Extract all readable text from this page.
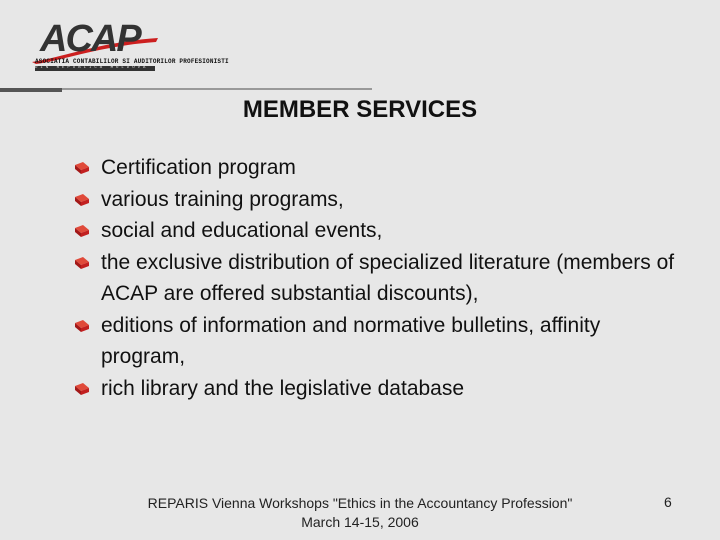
ACAP
ASOCIATIA CONTABILILOR SI AUDITORILOR PROFESIONISTI
DIN REPUBLICA MOLDOVA
MEMBER SERVICES
Certification program
various training programs,
social and educational events,
the exclusive distribution of specialized literature (members of ACAP are offered substantial discounts),
editions of information and normative bulletins, affinity program,
rich library and the legislative database
REPARIS Vienna Workshops "Ethics in the Accountancy Profession"
March 14-15, 2006
6
